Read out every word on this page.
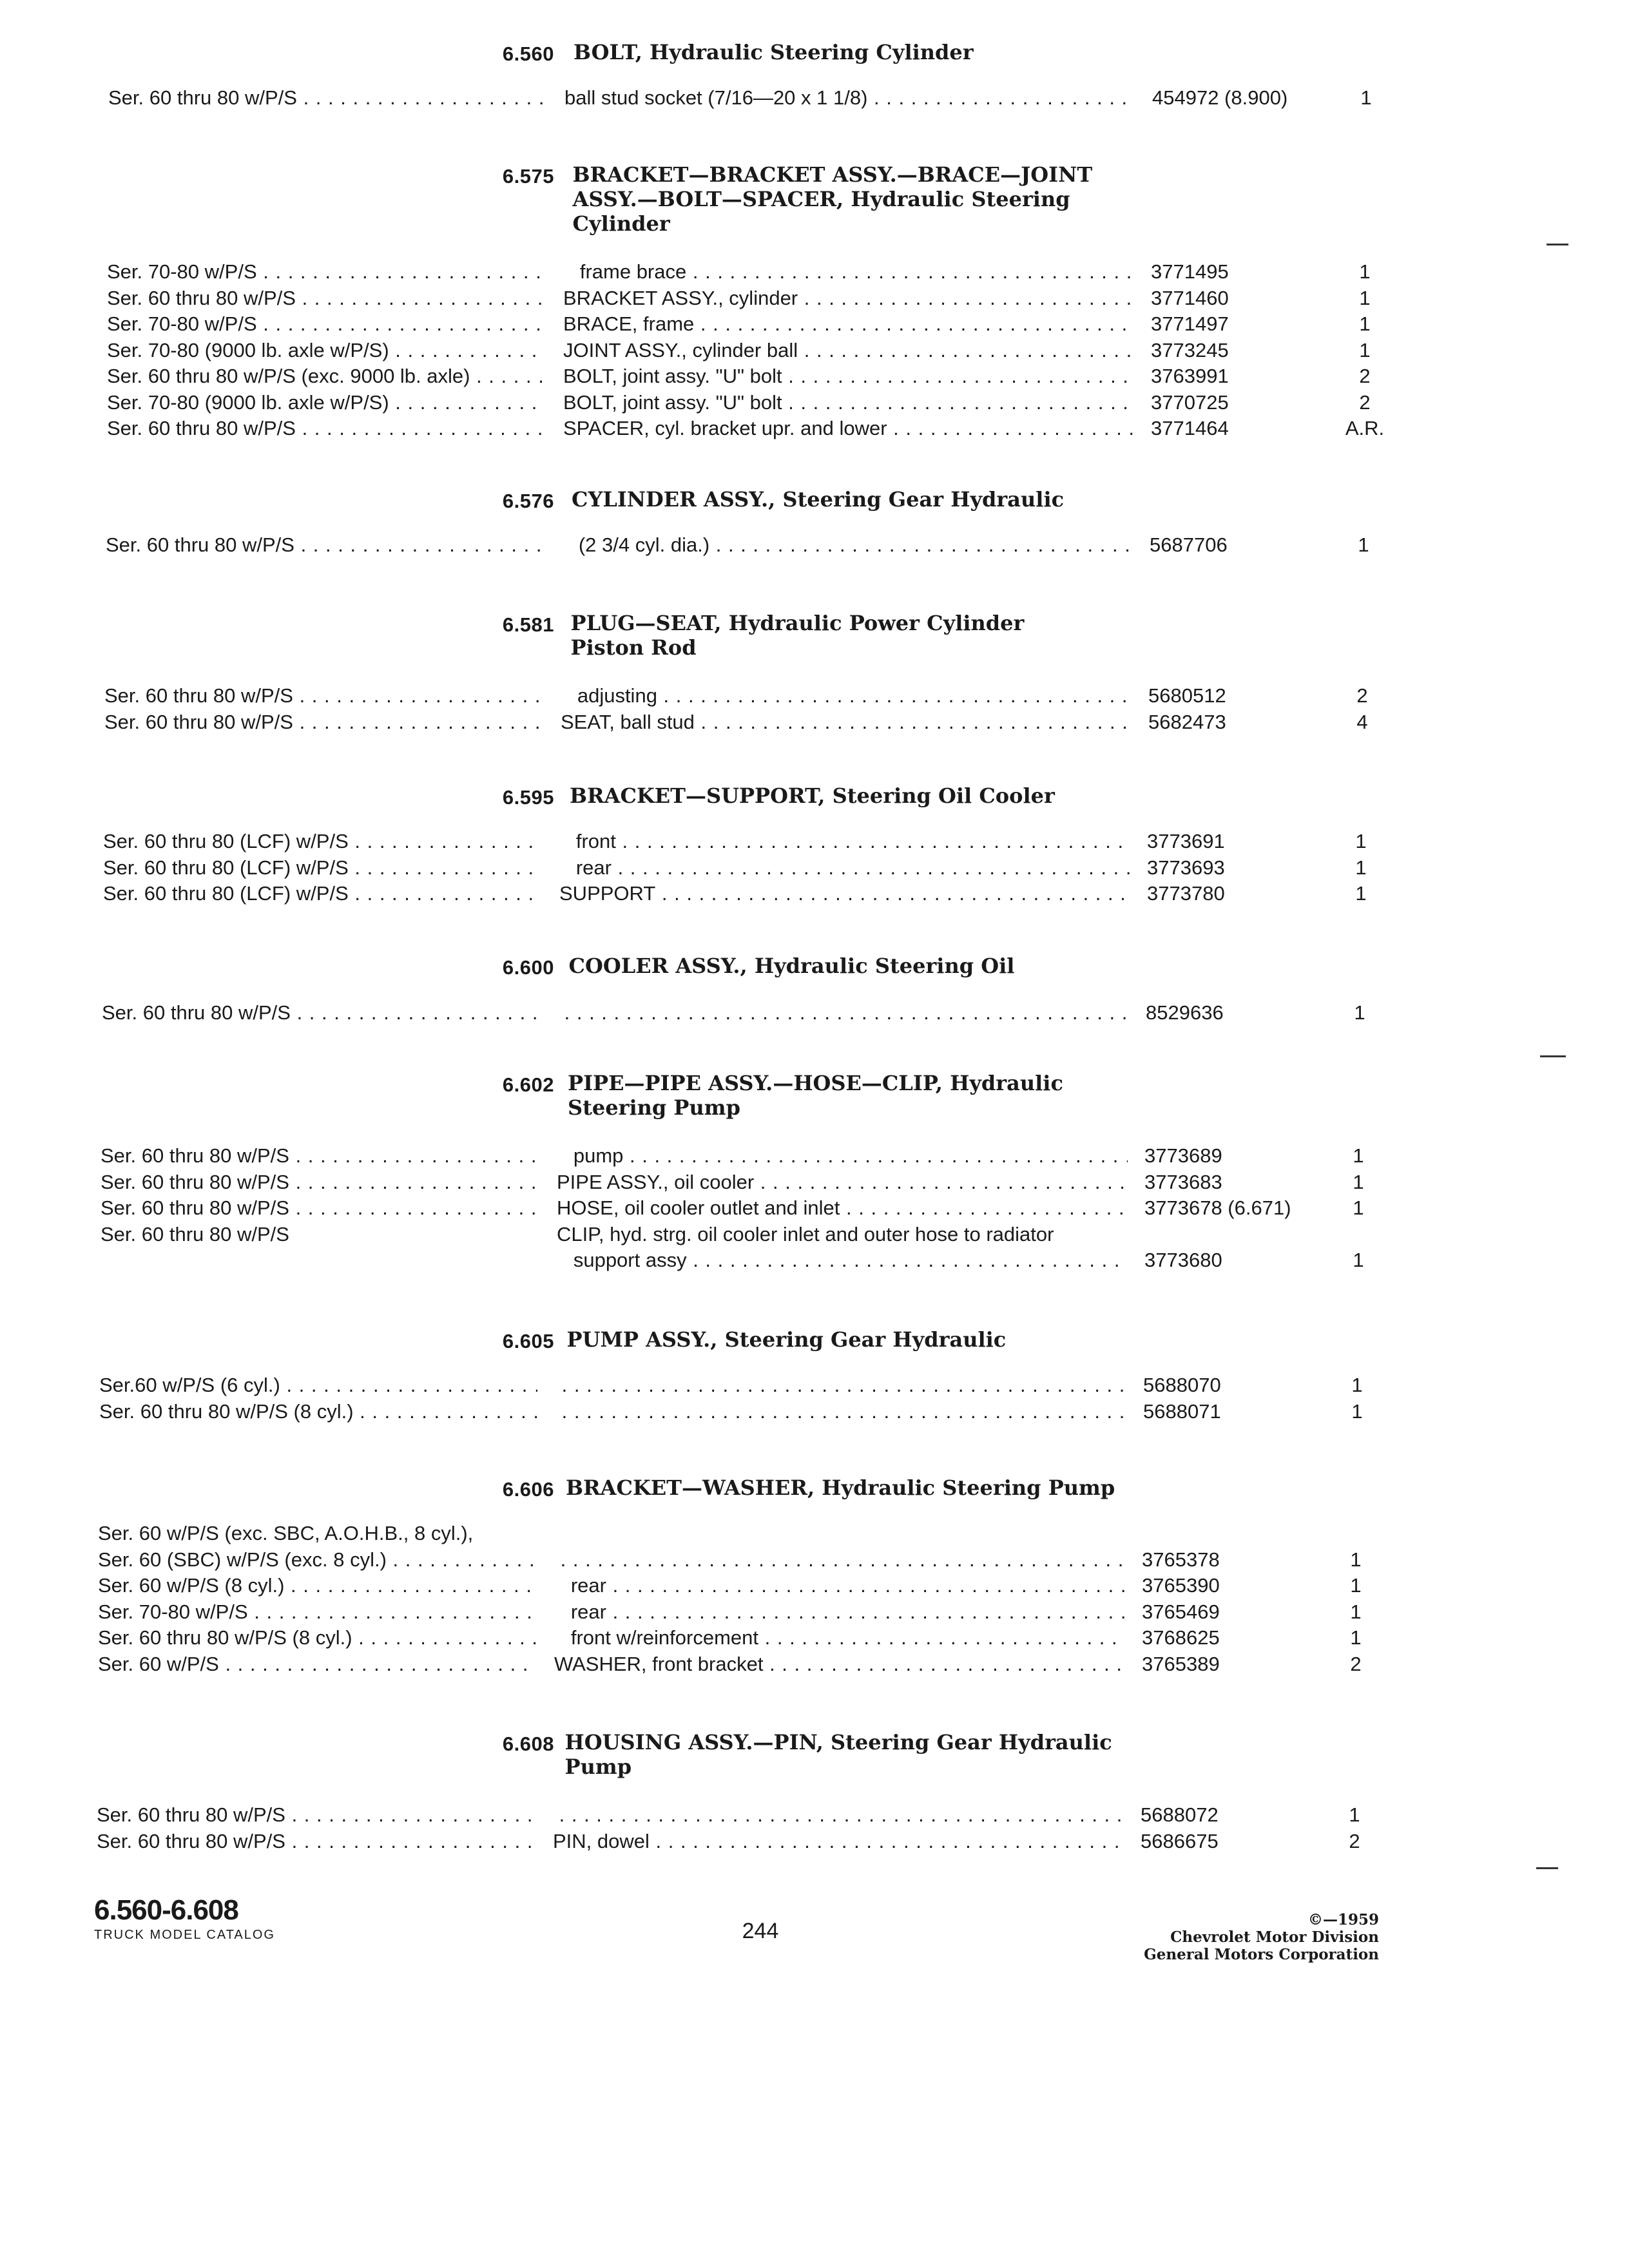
6.560 BOLT, Hydraulic Steering Cylinder
Ser. 60 thru 80 w/P/S . . .	ball stud socket (7/16—20 x 1 1/8) . . .	454972 (8.900)	1
6.575 BRACKET—BRACKET ASSY.—BRACE—JOINT
ASSY.—BOLT—SPACER, Hydraulic Steering
Cylinder
Ser. 70-80 w/P/S . . .	frame brace . . .	3771495	1
Ser. 60 thru 80 w/P/S . . .	BRACKET ASSY., cylinder . . .	3771460	1
Ser. 70-80 w/P/S . . .	BRACE, frame . . .	3771497	1
Ser. 70-80 (9000 lb. axle w/P/S) . . .	JOINT ASSY., cylinder ball . . .	3773245	1
Ser. 60 thru 80 w/P/S (exc. 9000 lb. axle) . . .	BOLT, joint assy. "U" bolt . . .	3763991	2
Ser. 70-80 (9000 lb. axle w/P/S) . . .	BOLT, joint assy. "U" bolt . . .	3770725	2
Ser. 60 thru 80 w/P/S . . .	SPACER, cyl. bracket upr. and lower . . .	3771464	A.R.
6.576 CYLINDER ASSY., Steering Gear Hydraulic
Ser. 60 thru 80 w/P/S . . .	(2 3/4 cyl. dia.) . . .	5687706	1
6.581 PLUG—SEAT, Hydraulic Power Cylinder
Piston Rod
Ser. 60 thru 80 w/P/S . . .	adjusting . . .	5680512	2
Ser. 60 thru 80 w/P/S . . .	SEAT, ball stud . . .	5682473	4
6.595 BRACKET—SUPPORT, Steering Oil Cooler
Ser. 60 thru 80 (LCF) w/P/S . . .	front . . .	3773691	1
Ser. 60 thru 80 (LCF) w/P/S . . .	rear . . .	3773693	1
Ser. 60 thru 80 (LCF) w/P/S . . .	SUPPORT . . .	3773780	1
6.600 COOLER ASSY., Hydraulic Steering Oil
Ser. 60 thru 80 w/P/S . . . . . .	8529636	1
6.602 PIPE—PIPE ASSY.—HOSE—CLIP, Hydraulic
Steering Pump
Ser. 60 thru 80 w/P/S . . .	pump . . .	3773689	1
Ser. 60 thru 80 w/P/S . . .	PIPE ASSY., oil cooler . . .	3773683	1
Ser. 60 thru 80 w/P/S . . .	HOSE, oil cooler outlet and inlet . . .	3773678 (6.671)	1
Ser. 60 thru 80 w/P/S	CLIP, hyd. strg. oil cooler inlet and outer hose to radiator
support assy . . .	3773680	1
6.605 PUMP ASSY., Steering Gear Hydraulic
Ser.60 w/P/S (6 cyl.) . . . . . .	5688070	1
Ser. 60 thru 80 w/P/S (8 cyl.) . . . . . .	5688071	1
6.606 BRACKET—WASHER, Hydraulic Steering Pump
Ser. 60 w/P/S (exc. SBC, A.O.H.B., 8 cyl.),
Ser. 60 (SBC) w/P/S (exc. 8 cyl.) . . . . . .	3765378	1
Ser. 60 w/P/S (8 cyl.) . . .	rear . . .	3765390	1
Ser. 70-80 w/P/S . . .	rear . . .	3765469	1
Ser. 60 thru 80 w/P/S (8 cyl.) . . .	front w/reinforcement . . .	3768625	1
Ser. 60 w/P/S . . .	WASHER, front bracket . . .	3765389	2
6.608 HOUSING ASSY.—PIN, Steering Gear Hydraulic
Pump
Ser. 60 thru 80 w/P/S . . . . . .	5688072	1
Ser. 60 thru 80 w/P/S . . .	PIN, dowel . . .	5686675	2
6.560-6.608
TRUCK MODEL CATALOG	244	©—1959
Chevrolet Motor Division
General Motors Corporation
